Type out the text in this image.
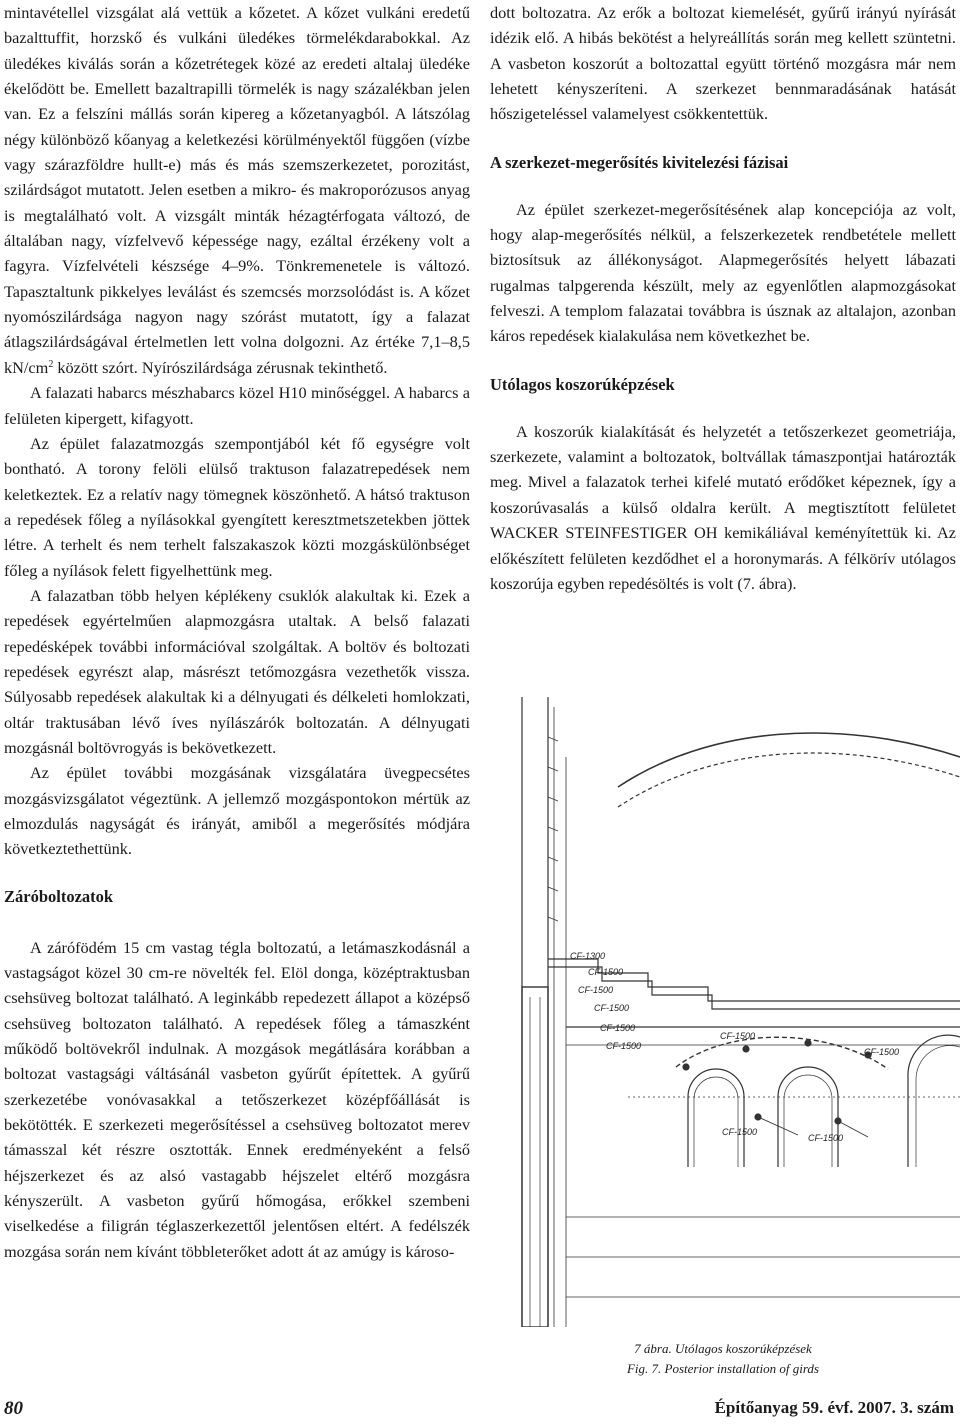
mintavétellel vizsgálat alá vettük a kőzetet. A kőzet vulkáni eredetű bazalttuffit, horzskő és vulkáni üledékes törmelékdarabokkal. Az üledékes kiválás során a kőzetrétegek közé az eredeti altalaj üledéke ékelődött be. Emellett bazaltrapilli törmelék is nagy százalékban jelen van. Ez a felszíni mállás során kipereg a kőzetanyagból. A látszólag négy különböző kőanyag a keletkezési körülményektől függően (vízbe vagy szárazföldre hullt-e) más és más szemszerkezetet, porozitást, szilárdságot mutatott. Jelen esetben a mikro- és makroporózusos anyag is megtalálható volt. A vizsgált minták hézagtérfogata változó, de általában nagy, vízfelvevő képessége nagy, ezáltal érzékeny volt a fagyra. Vízfelvételi készsége 4–9%. Tönkremenetele is változó. Tapasztaltunk pikkelyes leválást és szemcsés morzsolódást is. A kőzet nyomószilárdsága nagyon nagy szórást mutatott, így a falazat átlagszilárdságával értelmetlen lett volna dolgozni. Az értéke 7,1–8,5 $kN/cm^2$ között szórt. Nyírószilárdsága zérusnak tekinthető.

A falazati habarcs mészhabarcs közel H10 minőséggel. A habarcs a felületen kipergett, kifagyott.

Az épület falazatmozgás szempontjából két fő egységre volt bontható. A torony felöli elülső traktuson falazatrepedések nem keletkeztek. Ez a relatív nagy tömegnek köszönhető. A hátsó traktuson a repedések főleg a nyílásokkal gyengített keresztmetszetekben jöttek létre. A terhelt és nem terhelt falszakaszok közti mozgáskülönbséget főleg a nyílások felett figyelhettünk meg.

A falazatban több helyen képlékeny csuklók alakultak ki. Ezek a repedések egyértelműen alapmozgásra utaltak. A belső falazati repedésképek további információval szolgáltak. A boltöv és boltozati repedések egyrészt alap, másrészt tetőmozgásra vezethetők vissza. Súlyosabb repedések alakultak ki a délnyugati és délkeleti homlokzati, oltár traktusában lévő íves nyílászárók boltozatán. A délnyugati mozgásnál boltövrogyás is bekövetkezett.

Az épület további mozgásának vizsgálatára üvegpecsétes mozgásvizsgálatot végeztünk. A jellemző mozgáspontokon mértük az elmozdulás nagyságát és irányát, amiből a megerősítés módjára következtethettünk.

Záróboltozatok

A zárófödém 15 cm vastag tégla boltozatú, a letámaszkodásnál a vastagságot közel 30 cm-re növelték fel. Elöl donga, középtraktusban csehsüveg boltozat található. A leginkább repedezett állapot a középső csehsüveg boltozaton található. A repedések főleg a támaszként működő boltövekről indulnak. A mozgások megátlására korábban a boltozat vastagsági váltásánál vasbeton gyűrűt építettek. A gyűrű szerkezetébe vonóvasakkal a tetőszerkezet középfőállását is bekötötték. E szerkezeti megerősítéssel a csehsüveg boltozatot merev támasszal két részre osztották. Ennek eredményeként a felső héjszerkezet és az alsó vastagabb héjszelet eltérő mozgásra kényszerült. A vasbeton gyűrű hőmogása, erőkkel szembeni viselkedése a filigrán téglaszerkezettől jelentősen eltért. A fedélszék mozgása során nem kívánt többleterőket adott át az amúgy is károso-

dott boltozatra. Az erők a boltozat kiemelését, gyűrű irányú nyírását idézik elő. A hibás bekötést a helyreállítás során meg kellett szüntetni. A vasbeton koszorút a boltozattal együtt történő mozgásra már nem lehetett kényszeríteni. A szerkezet bennmaradásának hatását hőszigeteléssel valamelyest csökkentettük.

A szerkezet-megerősítés kivitelezési fázisai

Az épület szerkezet-megerősítésének alap koncepciója az volt, hogy alap-megerősítés nélkül, a felszerkezetek rendbetétele mellett biztosítsuk az állékonyságot. Alapmegerősítés helyett lábazati rugalmas talpgerenda készült, mely az egyenlőtlen alapmozgásokat felveszi. A templom falazatai továbbra is úsznak az altalajon, azonban káros repedések kialakulása nem következhet be.

Utólagos koszorúképzések

A koszorúk kialakítását és helyzetét a tetőszerkezet geometriája, szerkezete, valamint a boltozatok, boltvállak támaszpontjai határozták meg. Mivel a falazatok terhei kifelé mutató erődőket képeznek, így a koszorúvasalás a külső oldalra került. A megtisztított felületet WACKER STEINFESTIGER OH kemikáliával keményítettük ki. Az előkészített felületen kezdődhet el a horonymarás. A félkörív utólagos koszorúja egyben repedésöltés is volt (7. ábra).

CF-1300
CF-1500
CF-1500
CF-1500
CF-1500
CF-1500
CF-1500
CF-1500
CF-1500
CF-1500
7 ábra. Utólagos koszorúképzések
Fig. 7. Posterior installation of girds
80	Építőanyag 59. évf. 2007. 3. szám
